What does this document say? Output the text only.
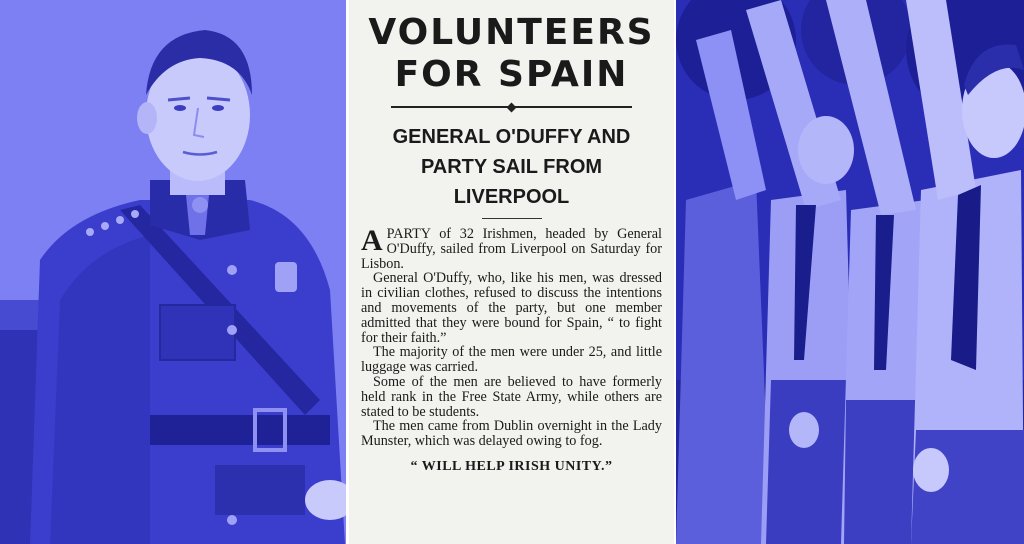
VOLUNTEERS
FOR SPAIN
GENERAL O'DUFFY AND
PARTY SAIL FROM
LIVERPOOL

A PARTY of 32 Irishmen, headed by General O'Duffy, sailed from Liverpool on Saturday for Lisbon.

General O'Duffy, who, like his men, was dressed in civilian clothes, refused to discuss the intentions and movements of the party, but one member admitted that they were bound for Spain, “ to fight for their faith.”

The majority of the men were under 25, and little luggage was carried.

Some of the men are believed to have formerly held rank in the Free State Army, while others are stated to be students.

The men came from Dublin overnight in the Lady Munster, which was delayed owing to fog.

“ WILL HELP IRISH UNITY.”
